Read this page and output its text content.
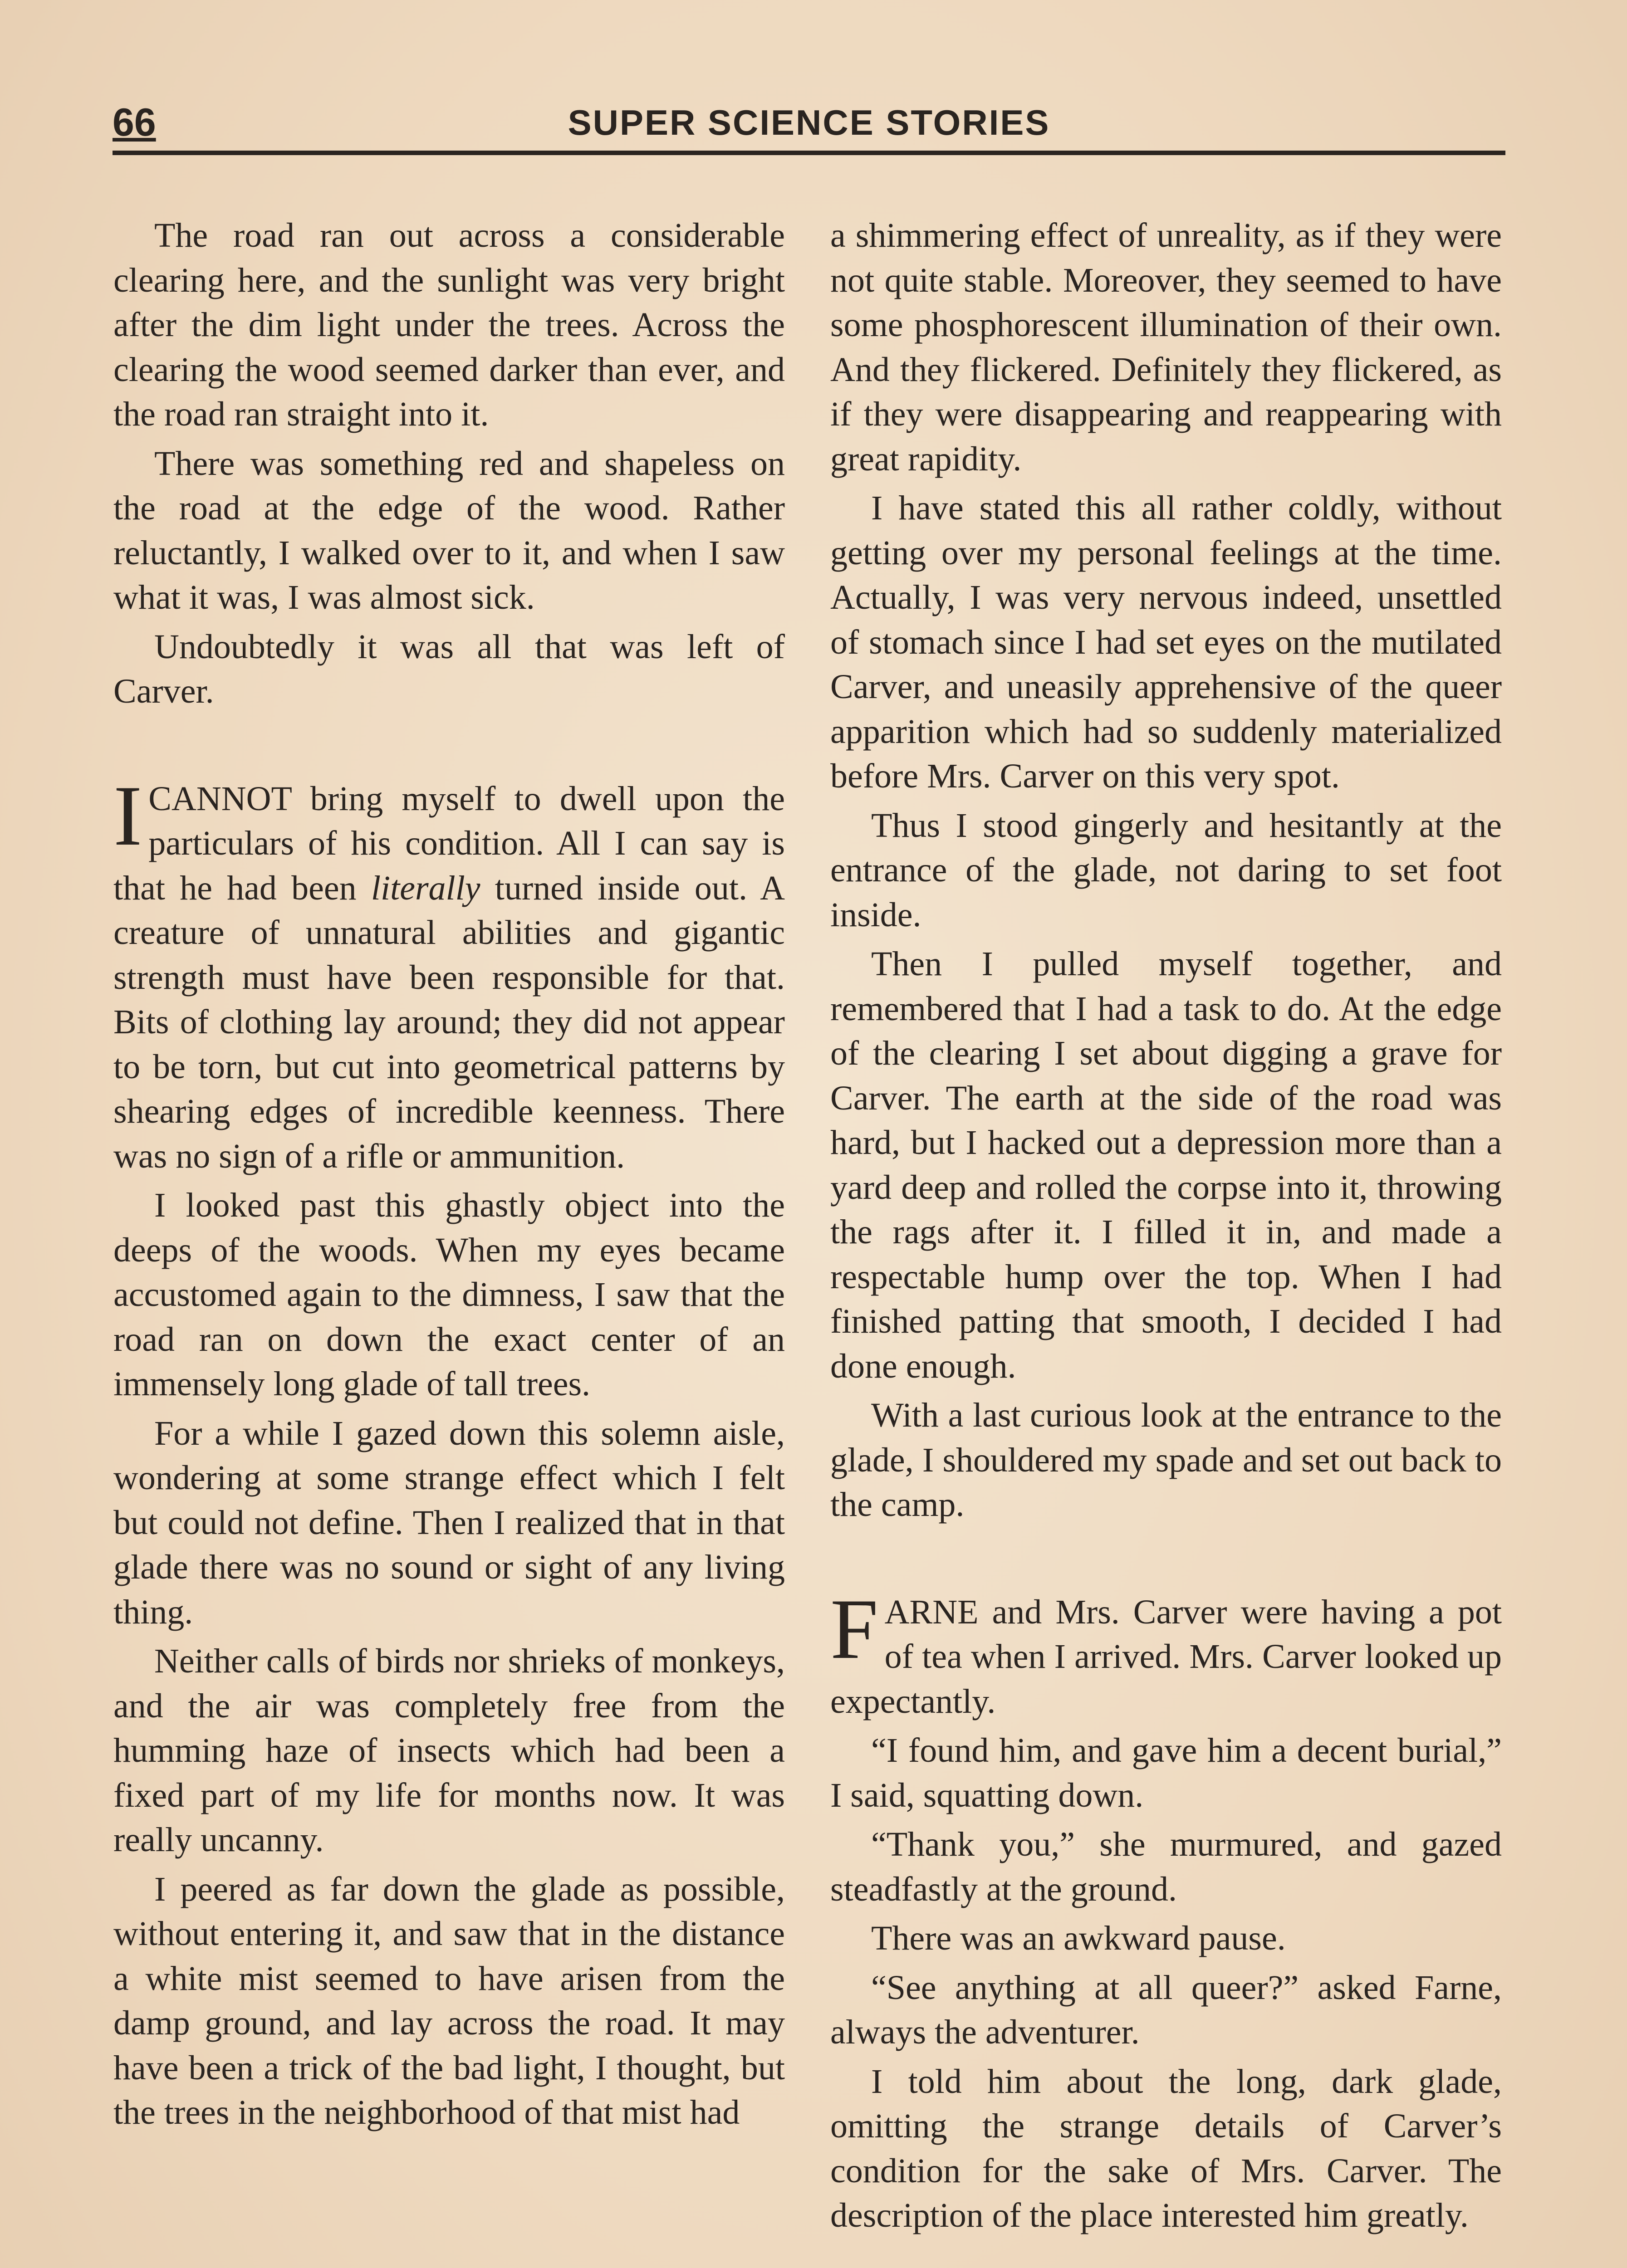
66	SUPER SCIENCE STORIES

The road ran out across a considerable clearing here, and the sunlight was very bright after the dim light under the trees. Across the clearing the wood seemed darker than ever, and the road ran straight into it.

There was something red and shapeless on the road at the edge of the wood. Rather reluctantly, I walked over to it, and when I saw what it was, I was almost sick.

Undoubtedly it was all that was left of Carver.

I CANNOT bring myself to dwell upon the particulars of his condition. All I can say is that he had been literally turned inside out. A creature of unnatural abilities and gigantic strength must have been responsible for that. Bits of clothing lay around; they did not appear to be torn, but cut into geometrical patterns by shearing edges of incredible keenness. There was no sign of a rifle or ammunition.

I looked past this ghastly object into the deeps of the woods. When my eyes became accustomed again to the dimness, I saw that the road ran on down the exact center of an immensely long glade of tall trees.

For a while I gazed down this solemn aisle, wondering at some strange effect which I felt but could not define. Then I realized that in that glade there was no sound or sight of any living thing.

Neither calls of birds nor shrieks of monkeys, and the air was completely free from the humming haze of insects which had been a fixed part of my life for months now. It was really uncanny.

I peered as far down the glade as possible, without entering it, and saw that in the distance a white mist seemed to have arisen from the damp ground, and lay across the road. It may have been a trick of the bad light, I thought, but the trees in the neighborhood of that mist had

a shimmering effect of unreality, as if they were not quite stable. Moreover, they seemed to have some phosphorescent illumination of their own. And they flickered. Definitely they flickered, as if they were disappearing and reappearing with great rapidity.

I have stated this all rather coldly, without getting over my personal feelings at the time. Actually, I was very nervous indeed, unsettled of stomach since I had set eyes on the mutilated Carver, and uneasily apprehensive of the queer apparition which had so suddenly materialized before Mrs. Carver on this very spot.

Thus I stood gingerly and hesitantly at the entrance of the glade, not daring to set foot inside.

Then I pulled myself together, and remembered that I had a task to do. At the edge of the clearing I set about digging a grave for Carver. The earth at the side of the road was hard, but I hacked out a depression more than a yard deep and rolled the corpse into it, throwing the rags after it. I filled it in, and made a respectable hump over the top. When I had finished patting that smooth, I decided I had done enough.

With a last curious look at the entrance to the glade, I shouldered my spade and set out back to the camp.

FARNE and Mrs. Carver were having a pot of tea when I arrived. Mrs. Carver looked up expectantly.

“I found him, and gave him a decent burial,” I said, squatting down.

“Thank you,” she murmured, and gazed steadfastly at the ground.

There was an awkward pause.

“See anything at all queer?” asked Farne, always the adventurer.

I told him about the long, dark glade, omitting the strange details of Carver’s condition for the sake of Mrs. Carver. The description of the place interested him greatly.
